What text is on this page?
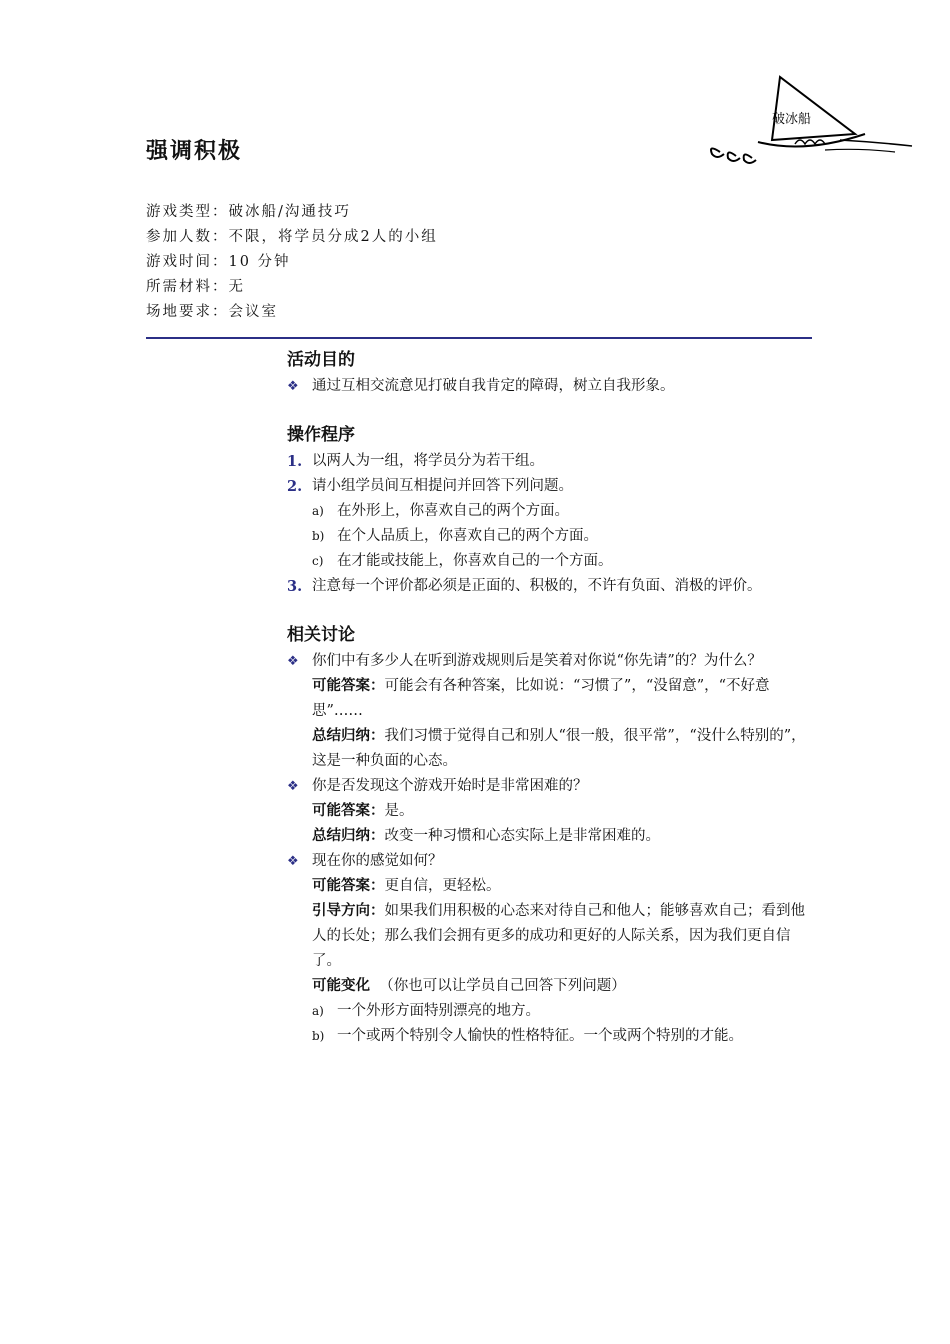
破冰船
强调积极
游戏类型：破冰船/沟通技巧
参加人数：不限，将学员分成2人的小组
游戏时间：10 分钟
所需材料：无
场地要求：会议室
活动目的
❖ 通过互相交流意见打破自我肯定的障碍，树立自我形象。
操作程序
1. 以两人为一组，将学员分为若干组。
2. 请小组学员间互相提问并回答下列问题。
a) 在外形上，你喜欢自己的两个方面。
b) 在个人品质上，你喜欢自己的两个方面。
c) 在才能或技能上，你喜欢自己的一个方面。
3. 注意每一个评价都必须是正面的、积极的，不许有负面、消极的评价。
相关讨论
❖ 你们中有多少人在听到游戏规则后是笑着对你说“你先请”的？为什么？
可能答案：可能会有各种答案，比如说：“习惯了”，“没留意”，“不好意思”……
总结归纳：我们习惯于觉得自己和别人“很一般，很平常”，“没什么特别的”，这是一种负面的心态。
❖ 你是否发现这个游戏开始时是非常困难的？
可能答案：是。
总结归纳：改变一种习惯和心态实际上是非常困难的。
❖ 现在你的感觉如何？
可能答案：更自信，更轻松。
引导方向：如果我们用积极的心态来对待自己和他人；能够喜欢自己；看到他人的长处；那么我们会拥有更多的成功和更好的人际关系，因为我们更自信了。
可能变化 （你也可以让学员自己回答下列问题）
a) 一个外形方面特别漂亮的地方。
b) 一个或两个特别令人愉快的性格特征。一个或两个特别的才能。
